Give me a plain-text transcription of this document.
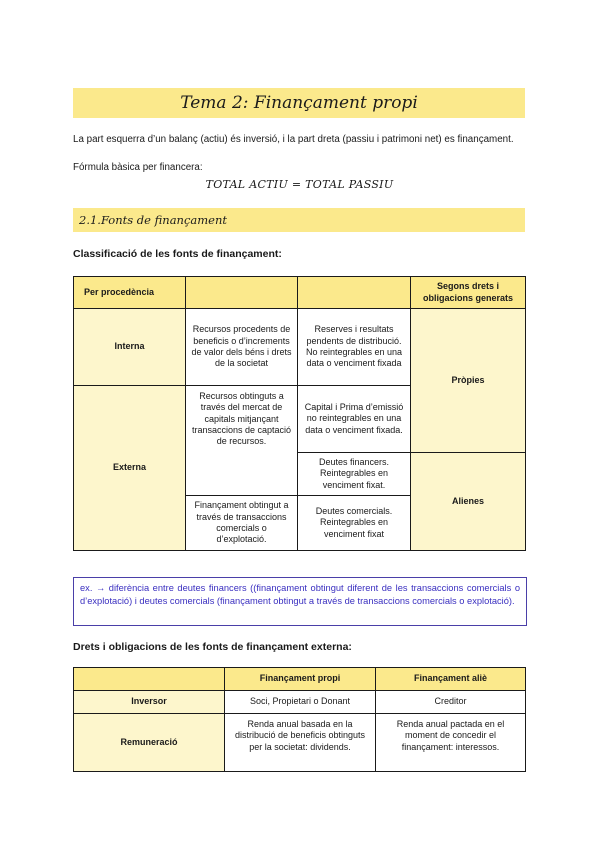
Tema 2: Finançament propi

La part esquerra d’un balanç (actiu) és inversió, i la part dreta (passiu i patrimoni net) es finançament.

Fórmula bàsica per financera:

TOTAL ACTIU = TOTAL PASSIU
2.1.Fonts de finançament

Classificació de les fonts de finançament:

Per procedència			Segons drets i obligacions generats
Interna	Recursos procedents de beneficis o d’increments de valor dels béns i drets de la societat	Reserves i resultats pendents de distribució. No reintegrables en una data o venciment fixada	Pròpies
Externa	Recursos obtinguts a través del mercat de capitals mitjançant transaccions de captació de recursos.	Capital i Prima d’emissió no reintegrables en una data o venciment fixada.	
		Deutes financers. Reintegrables en venciment fixat.	Alienes
	Finançament obtingut a través de transaccions comercials o d’explotació.	Deutes comercials. Reintegrables en venciment fixat	

ex. → diferència entre deutes financers ((finançament obtingut diferent de les transaccions comercials o d’explotació) i deutes comercials (finançament obtingut a través de transaccions comercials o explotació).

Drets i obligacions de les fonts de finançament externa:

	Finançament propi	Finançament aliè
Inversor	Soci, Propietari o Donant	Creditor
Remuneració	Renda anual basada en la distribució de beneficis obtinguts per la societat: dividends.	Renda anual pactada en el moment de concedir el finançament: interessos.
